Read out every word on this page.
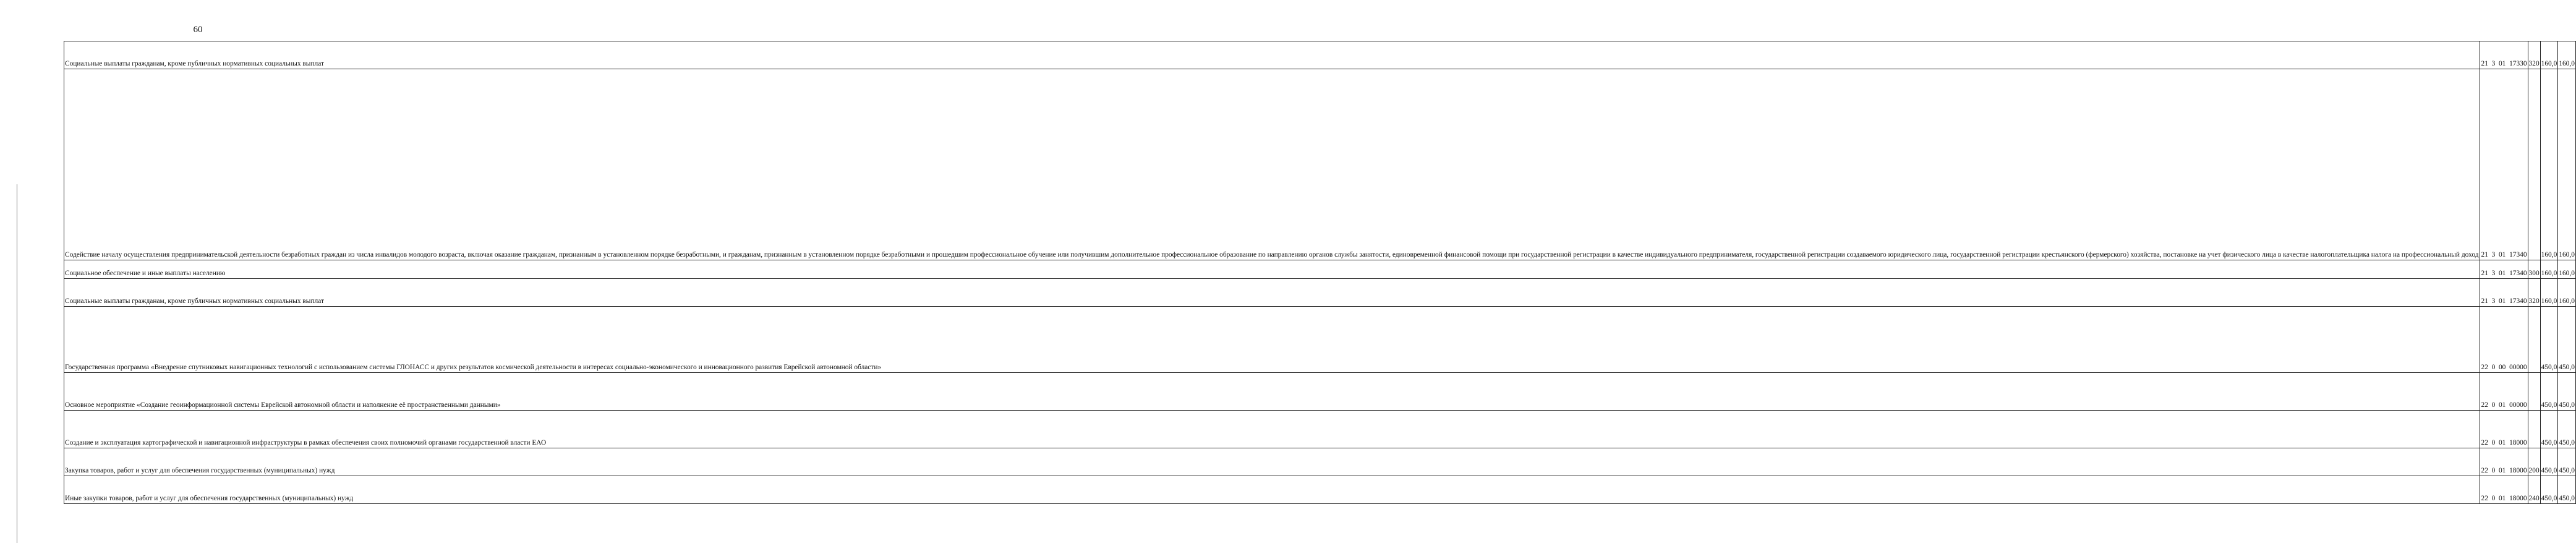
60
Социальные выплаты гражданам, кроме публичных нормативных социальных выплат	21  3  01  17330	320	160,0	160,0
Содействие началу осуществления предпринимательской деятельности безработных граждан из числа инвалидов молодого возраста, включая оказание гражданам, признанным в установленном порядке безработными, и гражданам, признанным в установленном порядке безработными и прошедшим профессиональное обучение или получившим дополнительное профессиональное образование по направлению органов службы занятости, единовременной финансовой помощи при государственной регистрации в качестве индивидуального предпринимателя, государственной регистрации создаваемого юридического лица, государственной регистрации крестьянского (фермерского) хозяйства, постановке на учет физического лица в качестве налогоплательщика налога на профессиональный доход	21  3  01  17340		160,0	160,0
Социальное обеспечение и иные выплаты населению	21  3  01  17340	300	160,0	160,0
Социальные выплаты гражданам, кроме публичных нормативных социальных выплат	21  3  01  17340	320	160,0	160,0
Государственная программа «Внедрение спутниковых навигационных технологий с использованием системы ГЛОНАСС и других результатов космической деятельности в интересах социально-экономического и инновационного развития Еврейской автономной области»	22  0  00  00000		450,0	450,0
Основное мероприятие «Создание геоинформационной системы Еврейской автономной области и наполнение её пространственными данными»	22  0  01  00000		450,0	450,0
Создание и эксплуатация картографической и навигационной инфраструктуры в рамках обеспечения своих полномочий органами государственной власти ЕАО	22  0  01  18000		450,0	450,0
Закупка товаров, работ и услуг для обеспечения государственных (муниципальных) нужд	22  0  01  18000	200	450,0	450,0
Иные закупки товаров, работ и услуг для обеспечения государственных (муниципальных) нужд	22  0  01  18000	240	450,0	450,0
